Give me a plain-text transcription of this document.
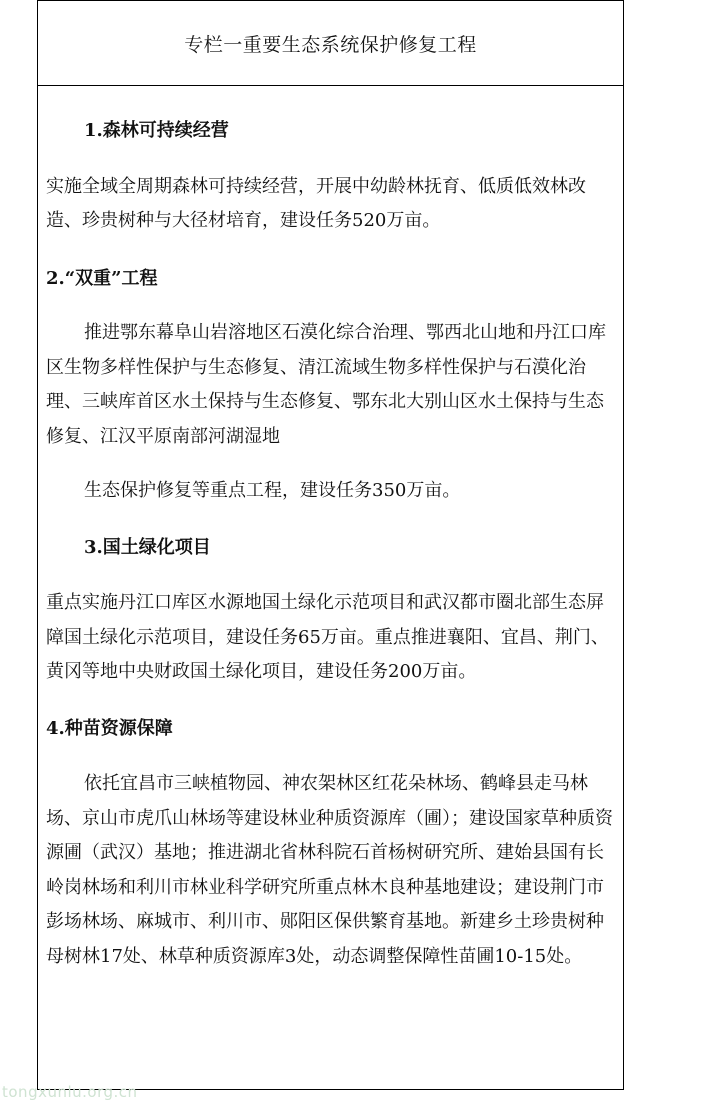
专栏一重要生态系统保护修复工程

1.森林可持续经营

实施全域全周期森林可持续经营，开展中幼龄林抚育、低质低效林改造、珍贵树种与大径材培育，建设任务520万亩。

2.“双重”工程

推进鄂东幕阜山岩溶地区石漠化综合治理、鄂西北山地和丹江口库区生物多样性保护与生态修复、清江流域生物多样性保护与石漠化治理、三峡库首区水土保持与生态修复、鄂东北大别山区水土保持与生态修复、江汉平原南部河湖湿地

生态保护修复等重点工程，建设任务350万亩。

3.国土绿化项目

重点实施丹江口库区水源地国土绿化示范项目和武汉都市圈北部生态屏障国土绿化示范项目，建设任务65万亩。重点推进襄阳、宜昌、荆门、黄冈等地中央财政国土绿化项目，建设任务200万亩。

4.种苗资源保障

依托宜昌市三峡植物园、神农架林区红花朵林场、鹤峰县走马林场、京山市虎爪山林场等建设林业种质资源库（圃）；建设国家草种质资源圃（武汉）基地；推进湖北省林科院石首杨树研究所、建始县国有长岭岗林场和利川市林业科学研究所重点林木良种基地建设；建设荆门市彭场林场、麻城市、利川市、郧阳区保供繁育基地。新建乡土珍贵树种母树林17处、林草种质资源库3处，动态调整保障性苗圃10-15处。

tongxunlu.org.cn
